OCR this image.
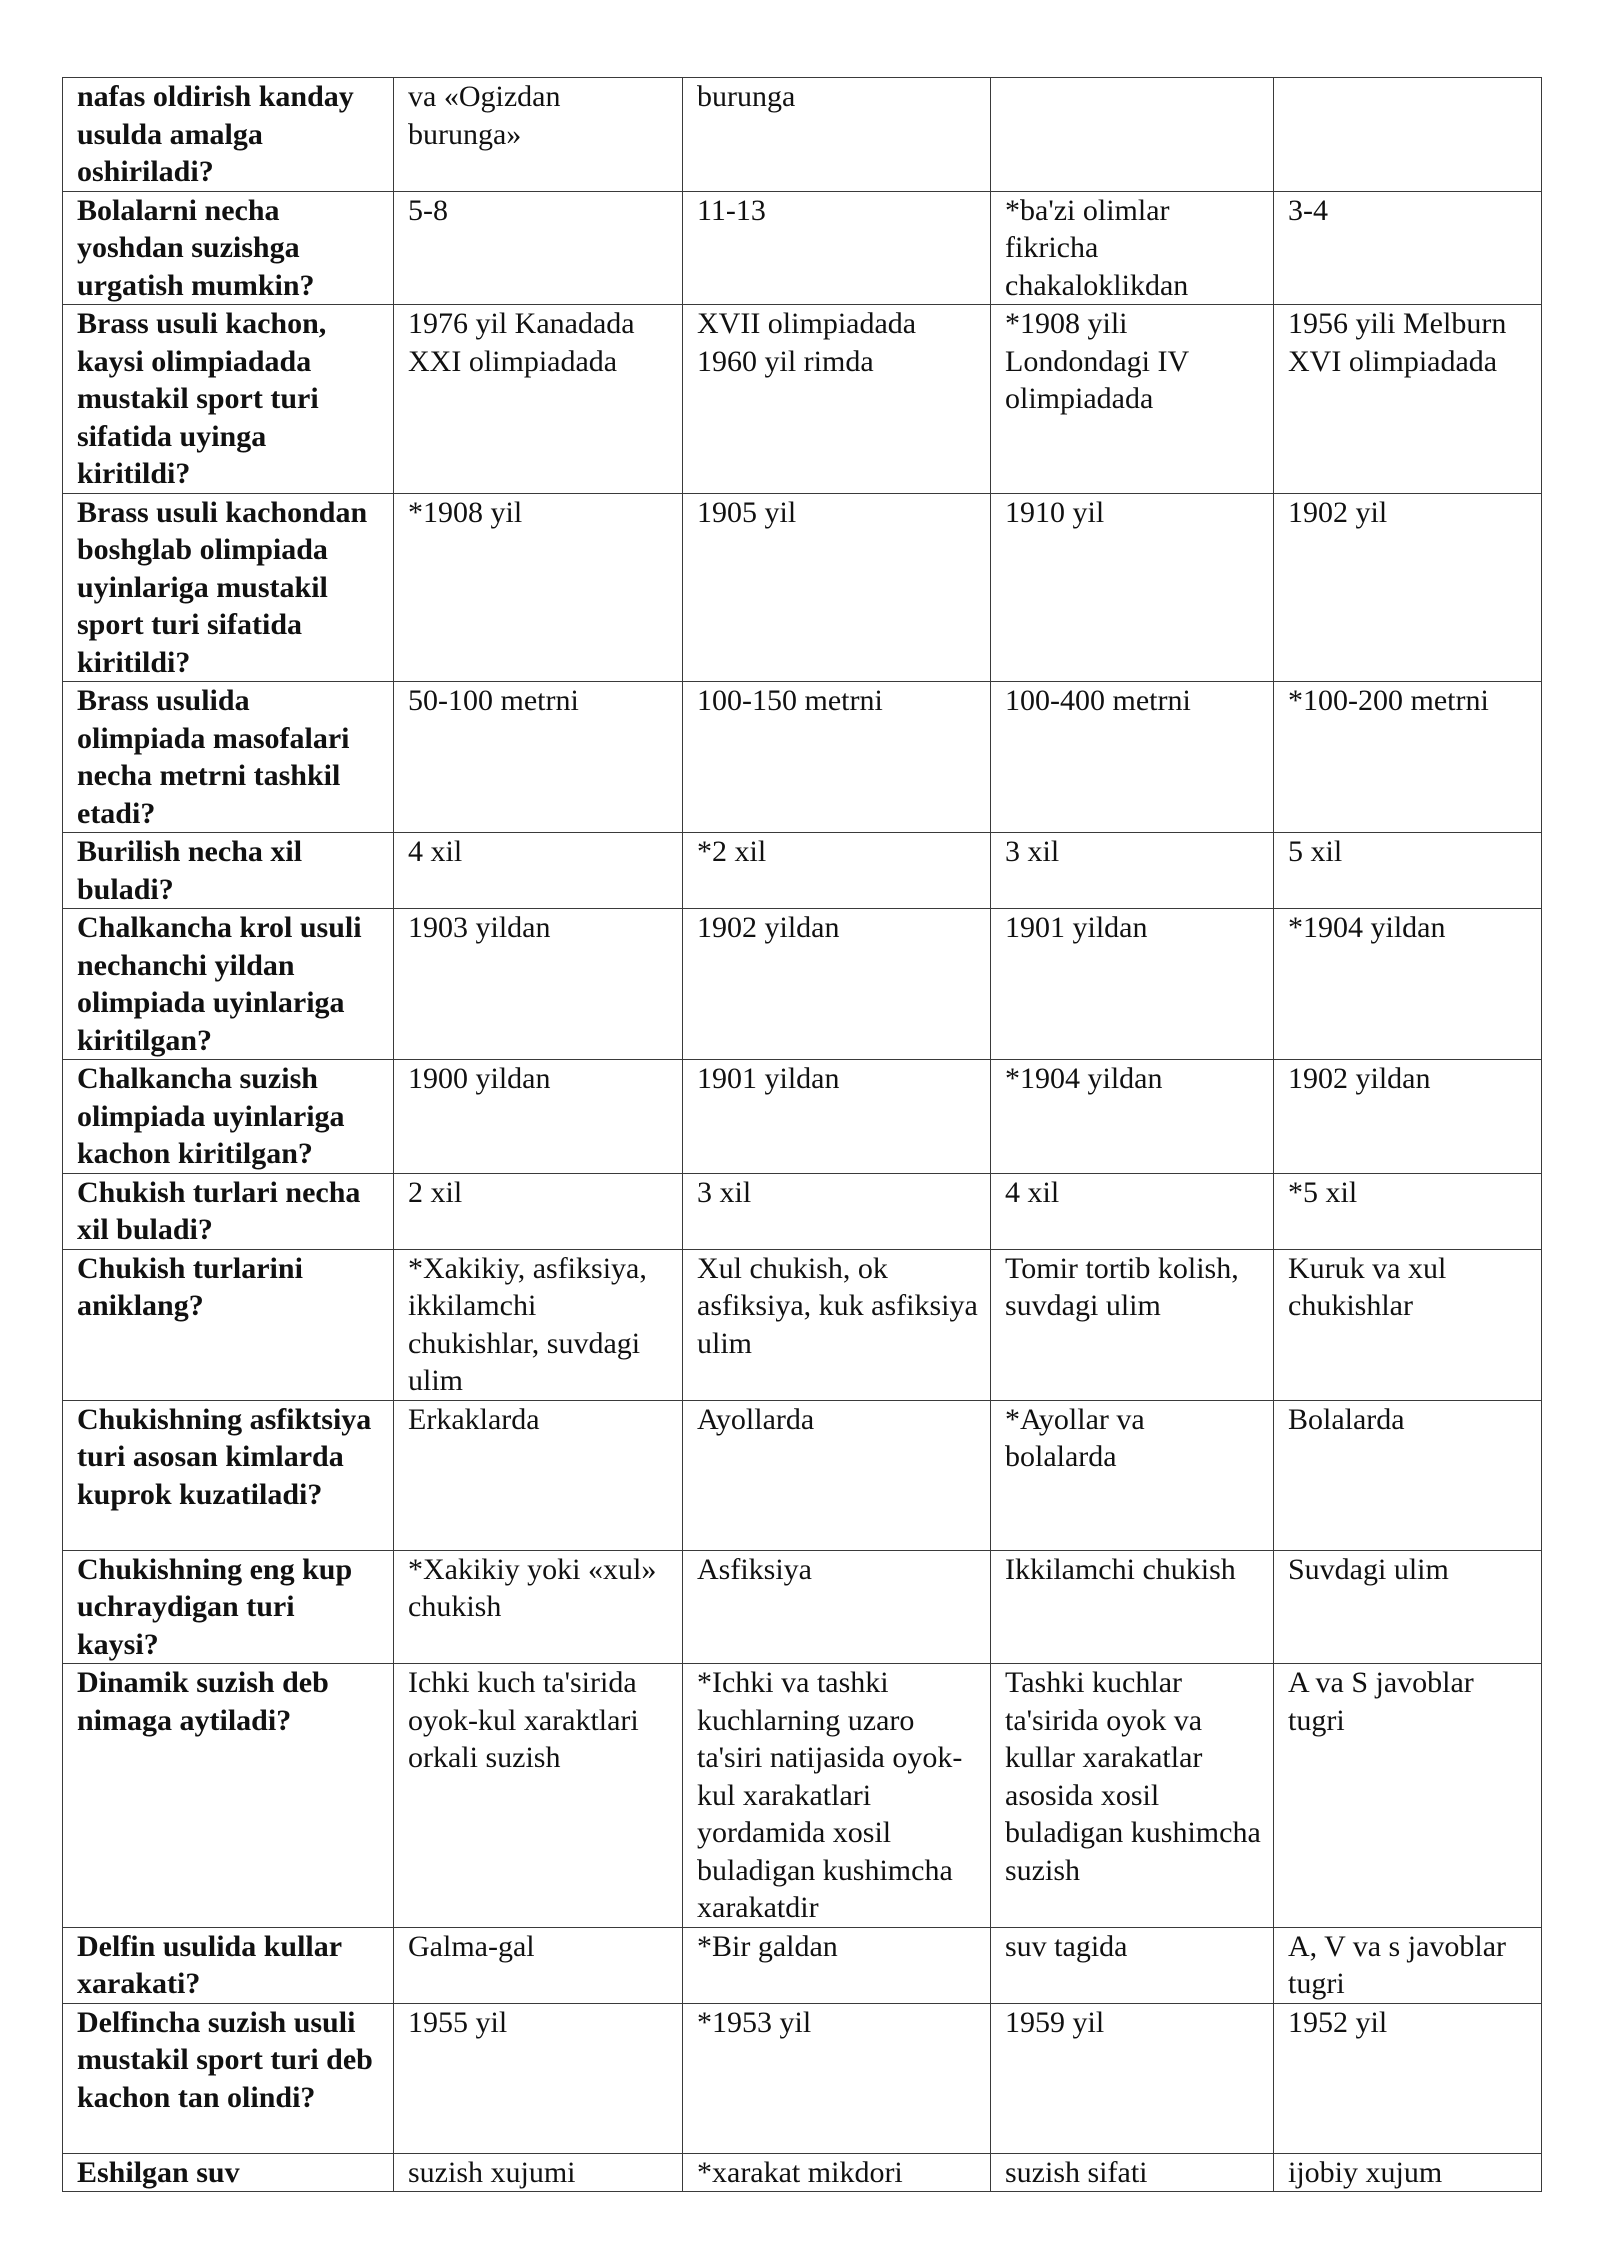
nafas oldirish kanday usulda amalga oshiriladi?	va «Ogizdan burunga»	burunga		
Bolalarni necha yoshdan suzishga urgatish mumkin?	5-8	11-13	*ba'zi olimlar fikricha chakaloklikdan	3-4
Brass usuli kachon, kaysi olimpiadada mustakil sport turi sifatida uyinga kiritildi?	1976 yil Kanadada XXI olimpiadada	XVII olimpiadada 1960 yil rimda	*1908 yili Londondagi IV olimpiadada	1956 yili Melburn XVI olimpiadada
Brass usuli kachondan boshglab olimpiada uyinlariga mustakil sport turi sifatida kiritildi?	*1908 yil	1905 yil	1910 yil	1902 yil
Brass usulida olimpiada masofalari necha metrni tashkil etadi?	50-100 metrni	100-150 metrni	100-400 metrni	*100-200 metrni
Burilish necha xil buladi?	4 xil	*2 xil	3 xil	5 xil
Chalkancha krol usuli nechanchi yildan olimpiada uyinlariga kiritilgan?	1903 yildan	1902 yildan	1901 yildan	*1904 yildan
Chalkancha suzish olimpiada uyinlariga kachon kiritilgan?	1900 yildan	1901 yildan	*1904 yildan	1902 yildan
Chukish turlari necha xil buladi?	2 xil	3 xil	4 xil	*5 xil
Chukish turlarini aniklang?	*Xakikiy, asfiksiya, ikkilamchi chukishlar, suvdagi ulim	Xul chukish, ok asfiksiya, kuk asfiksiya ulim	Tomir tortib kolish, suvdagi ulim	Kuruk va xul chukishlar
Chukishning asfiktsiya turi asosan kimlarda kuprok kuzatiladi?	Erkaklarda	Ayollarda	*Ayollar va bolalarda	Bolalarda
Chukishning eng kup uchraydigan turi kaysi?	*Xakikiy yoki «xul» chukish	Asfiksiya	Ikkilamchi chukish	Suvdagi ulim
Dinamik suzish deb nimaga aytiladi?	Ichki kuch ta'sirida oyok-kul xaraktlari orkali suzish	*Ichki va tashki kuchlarning uzaro ta'siri natijasida oyok-kul xarakatlari yordamida xosil buladigan kushimcha xarakatdir	Tashki kuchlar ta'sirida oyok va kullar xarakatlar asosida xosil buladigan kushimcha suzish	A va S javoblar tugri
Delfin usulida kullar xarakati?	Galma-gal	*Bir galdan	suv tagida	A, V va s javoblar tugri
Delfincha suzish usuli mustakil sport turi deb kachon tan olindi?	1955 yil	*1953 yil	1959 yil	1952 yil
Eshilgan suv	suzish xujumi	*xarakat mikdori	suzish sifati	ijobiy xujum
